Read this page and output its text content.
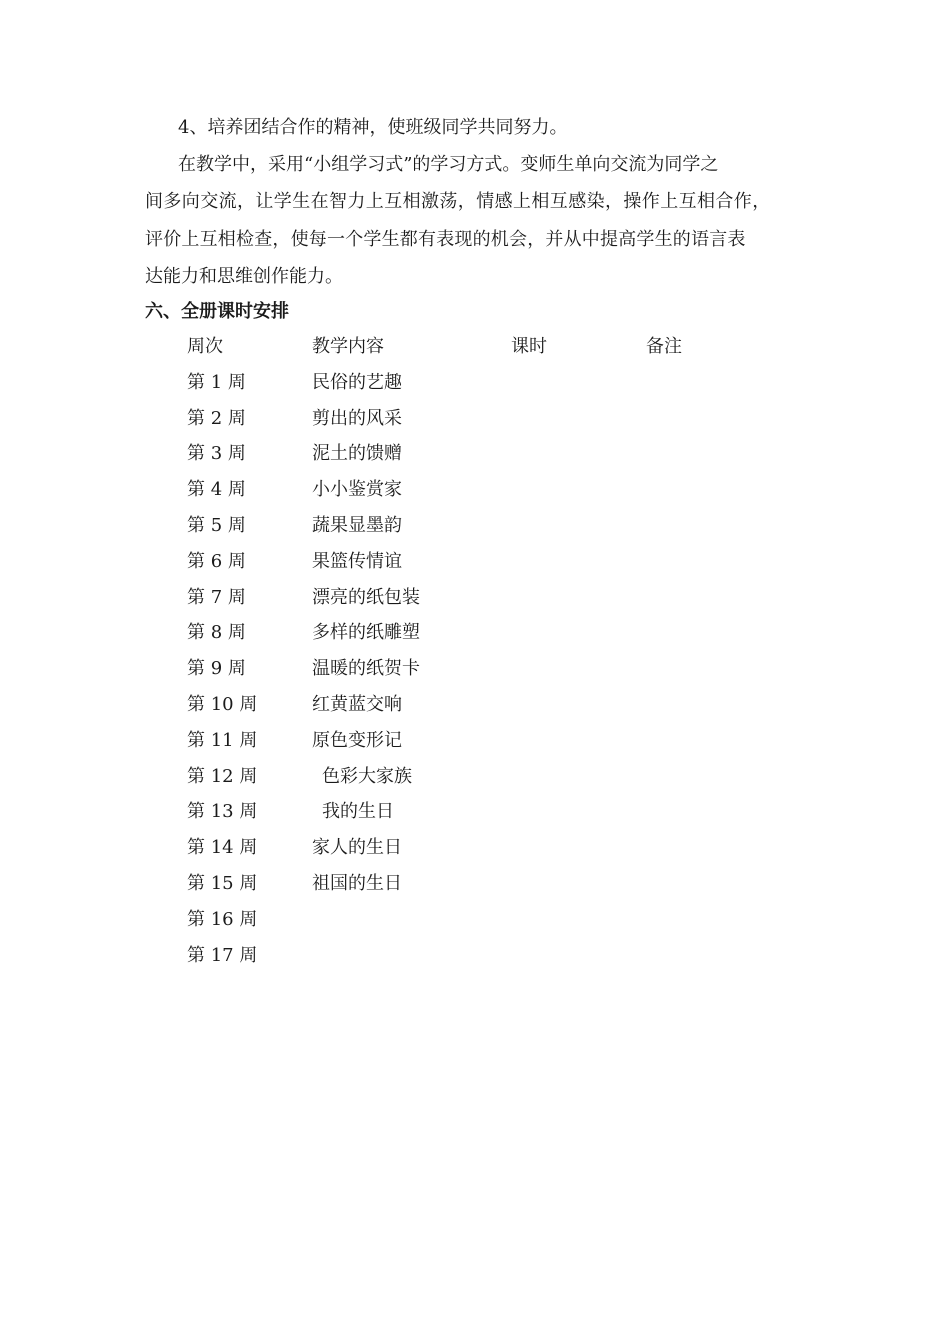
4、培养团结合作的精神，使班级同学共同努力。
在教学中，采用“小组学习式”的学习方式。变师生单向交流为同学之
间多向交流，让学生在智力上互相激荡，情感上相互感染，操作上互相合作，
评价上互相检查，使每一个学生都有表现的机会，并从中提高学生的语言表
达能力和思维创作能力。
六、全册课时安排
周次	教学内容	课时	备注
第 1 周	民俗的艺趣
第 2 周	剪出的风采
第 3 周	泥土的馈赠
第 4 周	小小鉴赏家
第 5 周	蔬果显墨韵
第 6 周	果篮传情谊
第 7 周	漂亮的纸包装
第 8 周	多样的纸雕塑
第 9 周	温暖的纸贺卡
第 10 周	红黄蓝交响
第 11 周	原色变形记
第 12 周	色彩大家族
第 13 周	我的生日
第 14 周	家人的生日
第 15 周	祖国的生日
第 16 周
第 17 周
